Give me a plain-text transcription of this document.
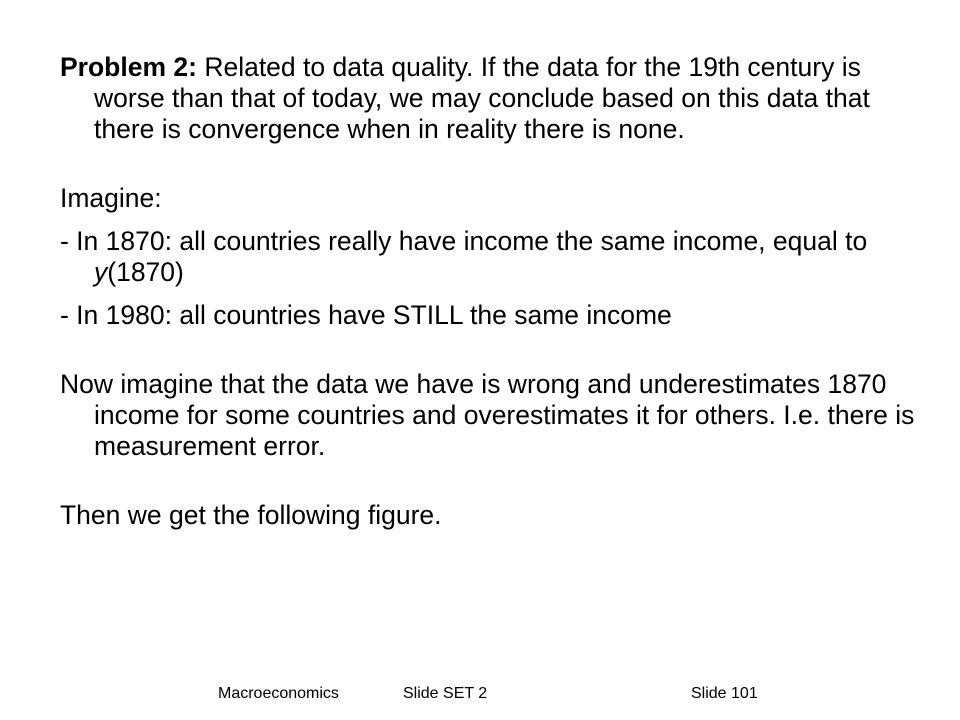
Problem 2: Related to data quality. If the data for the 19th century is worse than that of today, we may conclude based on this data that there is convergence when in reality there is none.

Imagine:

- In 1870: all countries really have income the same income, equal to y(1870)

- In 1980: all countries have STILL the same income

Now imagine that the data we have is wrong and underestimates 1870 income for some countries and overestimates it for others. I.e. there is measurement error.

Then we get the following figure.

Macroeconomics	Slide SET 2	Slide 101
